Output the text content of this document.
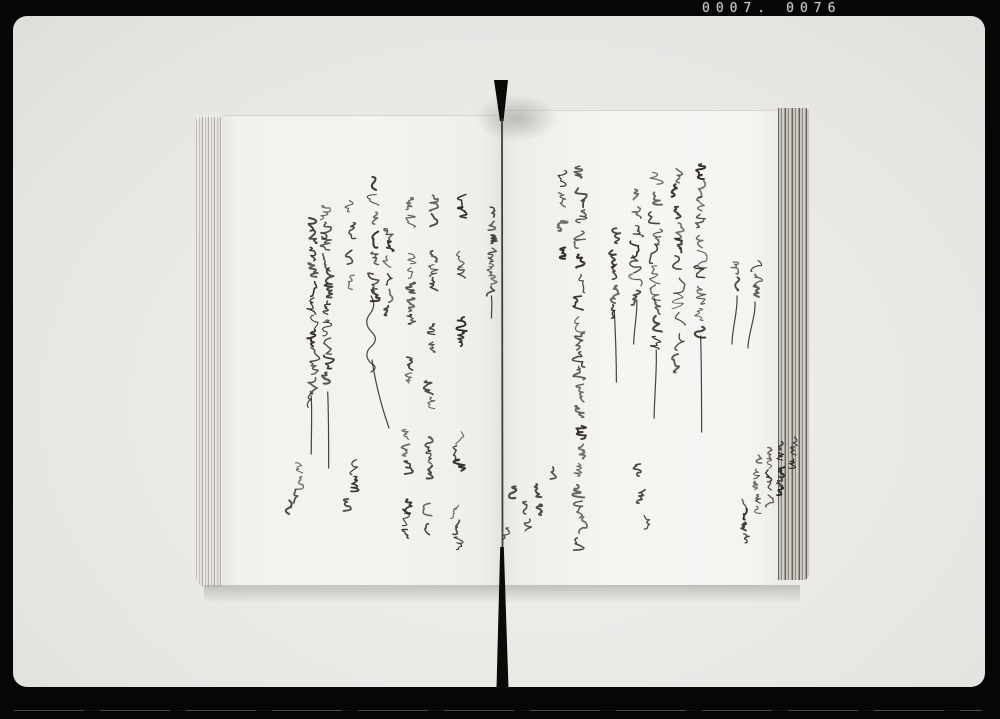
0007. 0076
